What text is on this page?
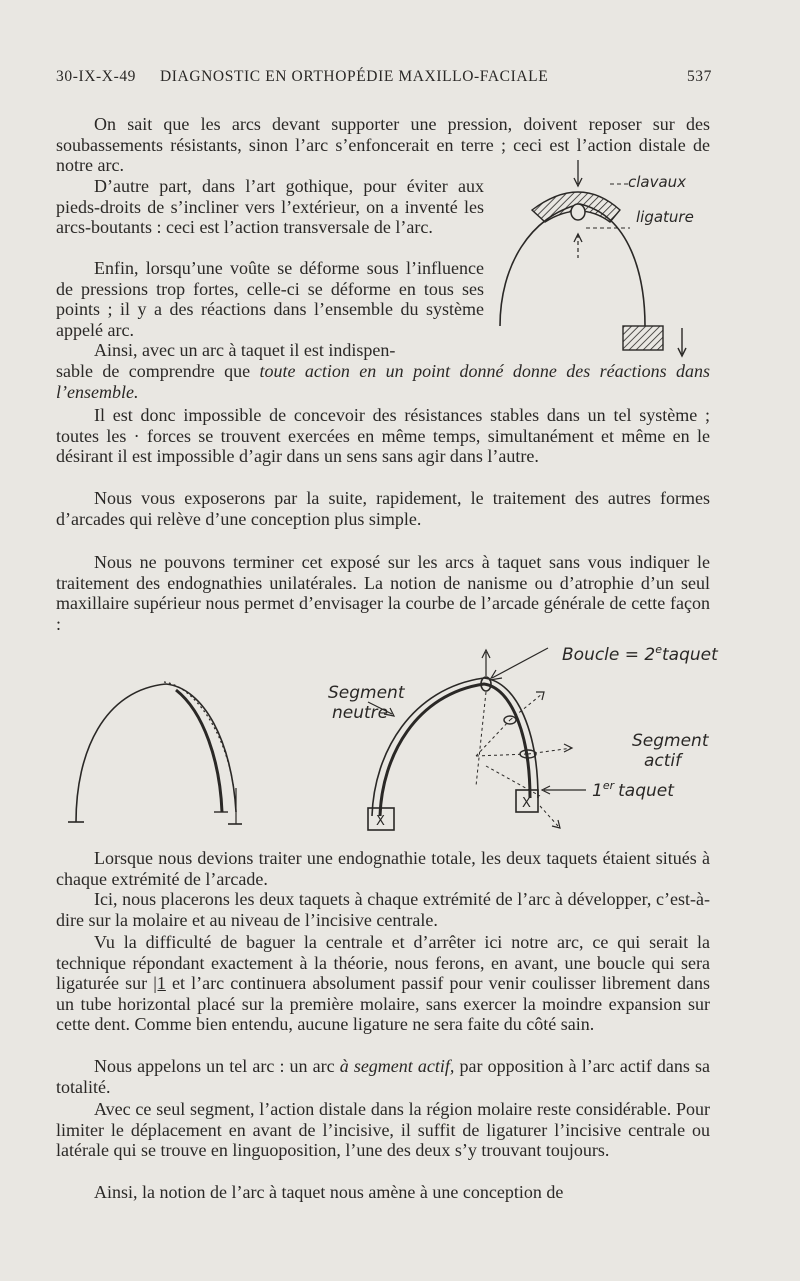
30-IX-X-49 DIAGNOSTIC EN ORTHOPÉDIE MAXILLO-FACIALE	537

On sait que les arcs devant supporter une pression, doivent reposer sur des soubassements résistants, sinon l’arc s’enfoncerait en terre ; ceci est l’action distale de notre arc.

D’autre part, dans l’art gothique, pour éviter aux pieds-droits de s’incliner vers l’extérieur, on a inventé les arcs-boutants : ceci est l’action transversale de l’arc.

Enfin, lorsqu’une voûte se déforme sous l’influence de pressions trop fortes, celle-ci se déforme en tous ses points ; il y a des réactions dans l’ensemble du système appelé arc.

Ainsi, avec un arc à taquet il est indispen-

sable de comprendre que toute action en un point donné donne des réactions dans l’ensemble.

clavaux
ligature

Il est donc impossible de concevoir des résistances stables dans un tel système ; toutes les · forces se trouvent exercées en même temps, simultanément et même en le désirant il est impossible d’agir dans un sens sans agir dans l’autre.

Nous vous exposerons par la suite, rapidement, le traitement des autres formes d’arcades qui relève d’une conception plus simple.

Nous ne pouvons terminer cet exposé sur les arcs à taquet sans vous indiquer le traitement des endognathies unilatérales. La notion de nanisme ou d’atrophie d’un seul maxillaire supérieur nous permet d’envisager la courbe de l’arcade générale de cette façon :

X
X
Boucle = $2^etaquet$
Segment
neutre
Segment
actif
1er taquet

Lorsque nous devions traiter une endognathie totale, les deux taquets étaient situés à chaque extrémité de l’arcade.

Ici, nous placerons les deux taquets à chaque extrémité de l’arc à développer, c’est-à-dire sur la molaire et au niveau de l’incisive centrale.

Vu la difficulté de baguer la centrale et d’arrêter ici notre arc, ce qui serait la technique répondant exactement à la théorie, nous ferons, en avant, une boucle qui sera ligaturée sur |1 et l’arc continuera absolument passif pour venir coulisser librement dans un tube horizontal placé sur la première molaire, sans exercer la moindre expansion sur cette dent. Comme bien entendu, aucune ligature ne sera faite du côté sain.

Nous appelons un tel arc : un arc à segment actif, par opposition à l’arc actif dans sa totalité.

Avec ce seul segment, l’action distale dans la région molaire reste considérable. Pour limiter le déplacement en avant de l’incisive, il suffit de ligaturer l’incisive centrale ou latérale qui se trouve en linguoposition, l’une des deux s’y trouvant toujours.

Ainsi, la notion de l’arc à taquet nous amène à une conception de
